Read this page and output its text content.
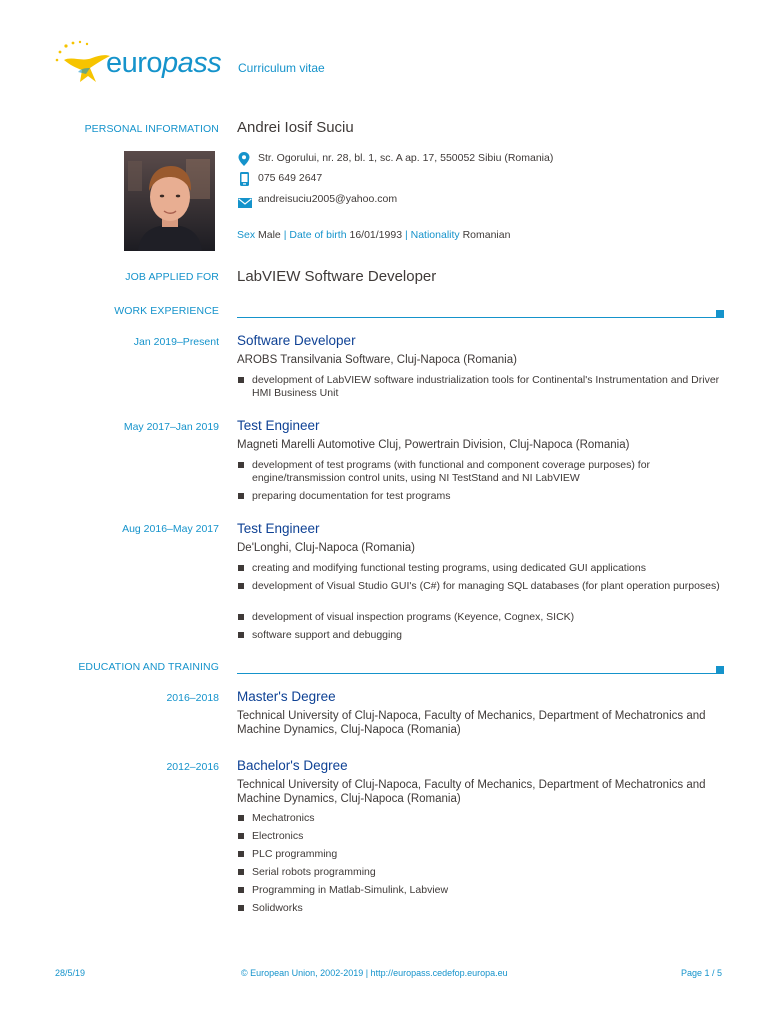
europass Curriculum vitae
PERSONAL INFORMATION Andrei Iosif Suciu
Str. Ogorului, nr. 28, bl. 1, sc. A ap. 17, 550052 Sibiu (Romania)
075 649 2647
andreisuciu2005@yahoo.com
Sex Male | Date of birth 16/01/1993 | Nationality Romanian
JOB APPLIED FOR LabVIEW Software Developer
WORK EXPERIENCE
Jan 2019–Present Software Developer
AROBS Transilvania Software, Cluj-Napoca (Romania)
development of LabVIEW software industrialization tools for Continental's Instrumentation and Driver HMI Business Unit
May 2017–Jan 2019 Test Engineer
Magneti Marelli Automotive Cluj, Powertrain Division, Cluj-Napoca (Romania)
development of test programs (with functional and component coverage purposes) for engine/transmission control units, using NI TestStand and NI LabVIEW
preparing documentation for test programs
Aug 2016–May 2017 Test Engineer
De'Longhi, Cluj-Napoca (Romania)
creating and modifying functional testing programs, using dedicated GUI applications
development of Visual Studio GUI's (C#) for managing SQL databases (for plant operation purposes)
development of visual inspection programs (Keyence, Cognex, SICK)
software support and debugging
EDUCATION AND TRAINING
2016–2018 Master's Degree
Technical University of Cluj-Napoca, Faculty of Mechanics, Department of Mechatronics and Machine Dynamics, Cluj-Napoca (Romania)
2012–2016 Bachelor's Degree
Technical University of Cluj-Napoca, Faculty of Mechanics, Department of Mechatronics and Machine Dynamics, Cluj-Napoca (Romania)
Mechatronics
Electronics
PLC programming
Serial robots programming
Programming in Matlab-Simulink, Labview
Solidworks
28/5/19	© European Union, 2002-2019 | http://europass.cedefop.europa.eu	Page 1 / 5
